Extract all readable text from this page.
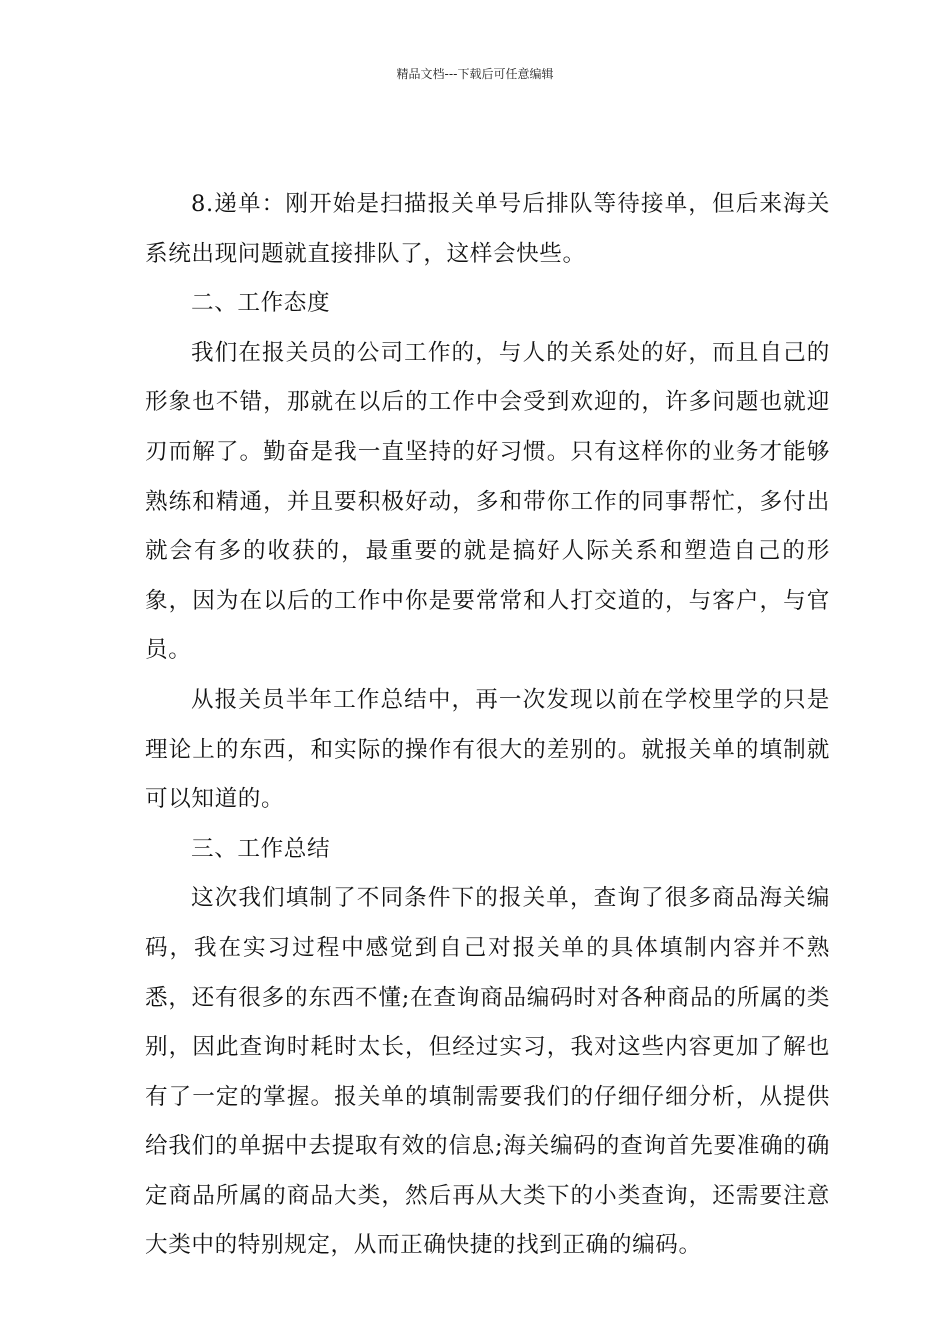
精品文档---下载后可任意编辑

8.递单：刚开始是扫描报关单号后排队等待接单，但后来海关系统出现问题就直接排队了，这样会快些。

二、工作态度

我们在报关员的公司工作的，与人的关系处的好，而且自己的形象也不错，那就在以后的工作中会受到欢迎的，许多问题也就迎刃而解了。勤奋是我一直坚持的好习惯。只有这样你的业务才能够熟练和精通，并且要积极好动，多和带你工作的同事帮忙，多付出就会有多的收获的，最重要的就是搞好人际关系和塑造自己的形象，因为在以后的工作中你是要常常和人打交道的，与客户，与官员。

从报关员半年工作总结中，再一次发现以前在学校里学的只是理论上的东西，和实际的操作有很大的差别的。就报关单的填制就可以知道的。

三、工作总结

这次我们填制了不同条件下的报关单，查询了很多商品海关编码，我在实习过程中感觉到自己对报关单的具体填制内容并不熟悉，还有很多的东西不懂;在查询商品编码时对各种商品的所属的类别，因此查询时耗时太长，但经过实习，我对这些内容更加了解也有了一定的掌握。报关单的填制需要我们的仔细仔细分析，从提供给我们的单据中去提取有效的信息;海关编码的查询首先要准确的确定商品所属的商品大类，然后再从大类下的小类查询，还需要注意大类中的特别规定，从而正确快捷的找到正确的编码。
